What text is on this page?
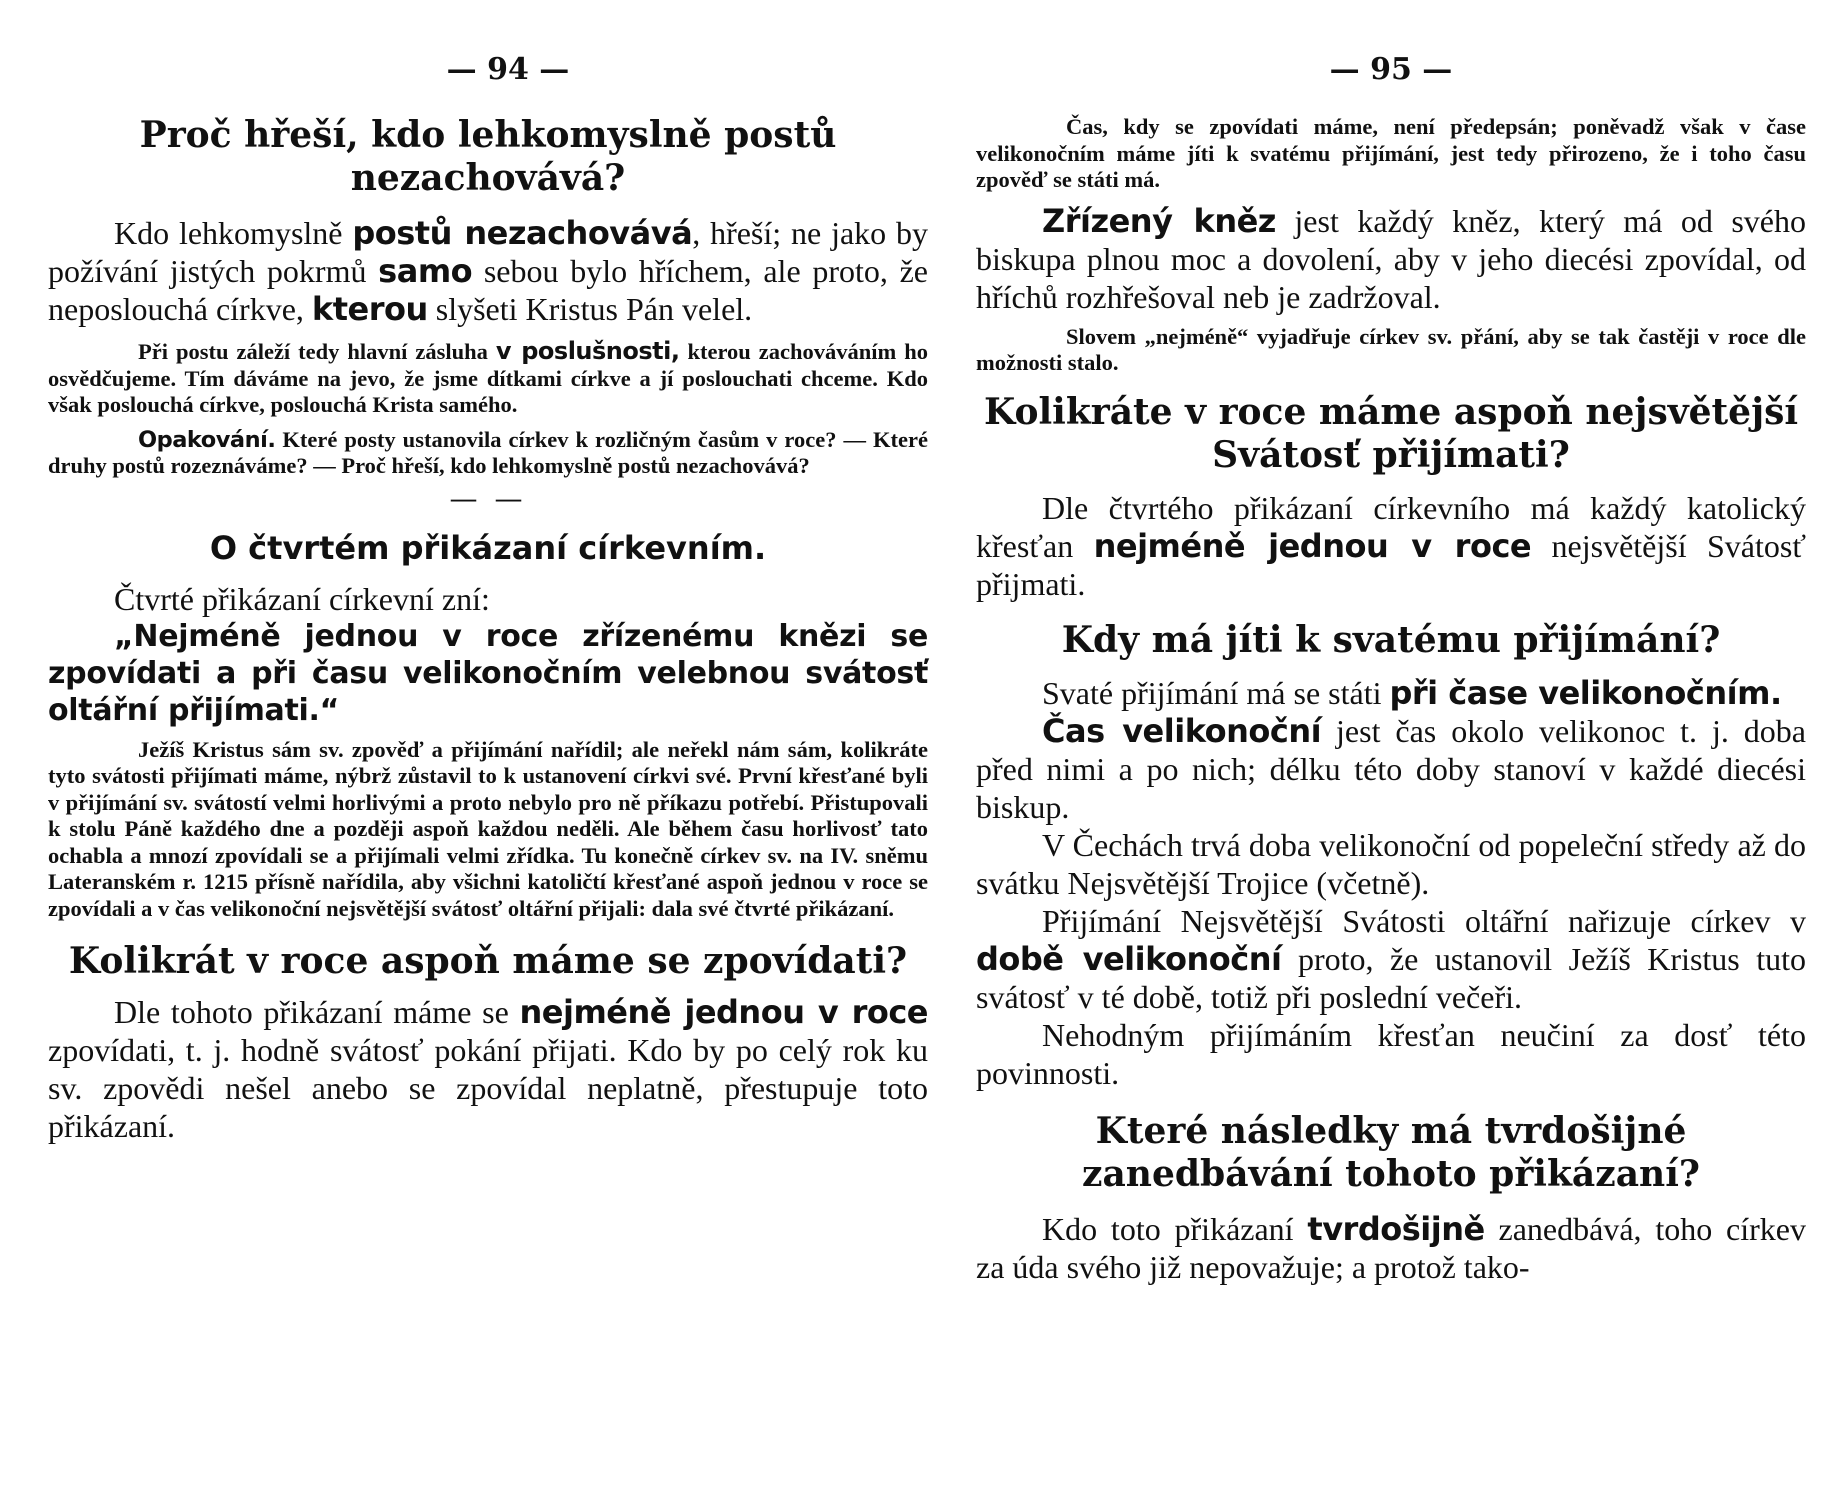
— 94 —
Proč hřeší, kdo lehkomyslně postů nezachovává?

Kdo lehkomyslně postů nezachovává, hřeší; ne jako by požívání jistých pokrmů samo sebou bylo hříchem, ale proto, že neposlouchá církve, kterou slyšeti Kristus Pán velel.

Při postu záleží tedy hlavní zásluha v poslušnosti, kterou zachováváním ho osvědčujeme. Tím dáváme na jevo, že jsme dítkami církve a jí poslouchati chceme. Kdo však poslouchá církve, poslouchá Krista samého.

Opakování. Které posty ustanovila církev k rozličným časům v roce? — Které druhy postů rozeznáváme? — Proč hřeší, kdo lehkomyslně postů nezachovává?

— —
O čtvrtém přikázaní církevním.

Čtvrté přikázaní církevní zní:

„Nejméně jednou v roce zřízenému knězi se zpovídati a při času velikonočním velebnou svátosť oltářní přijímati.“

Ježíš Kristus sám sv. zpověď a přijímání nařídil; ale neřekl nám sám, kolikráte tyto svátosti přijímati máme, nýbrž zůstavil to k ustanovení církvi své. První křesťané byli v přijímání sv. svátostí velmi horlivými a proto nebylo pro ně příkazu potřebí. Přistupovali k stolu Páně každého dne a později aspoň každou neděli. Ale během času horlivosť tato ochabla a mnozí zpovídali se a přijímali velmi zřídka. Tu konečně církev sv. na IV. sněmu Lateranském r. 1215 přísně nařídila, aby všichni katoličtí křesťané aspoň jednou v roce se zpovídali a v čas velikonoční nejsvětější svátosť oltářní přijali: dala své čtvrté přikázaní.

Kolikrát v roce aspoň máme se zpovídati?

Dle tohoto přikázaní máme se nejméně jednou v roce zpovídati, t. j. hodně svátosť pokání přijati. Kdo by po celý rok ku sv. zpovědi nešel anebo se zpovídal neplatně, přestupuje toto přikázaní.

— 95 —

Čas, kdy se zpovídati máme, není předepsán; poněvadž však v čase velikonočním máme jíti k svatému přijímání, jest tedy přirozeno, že i toho času zpověď se státi má.

Zřízený kněz jest každý kněz, který má od svého biskupa plnou moc a dovolení, aby v jeho diecési zpovídal, od hříchů rozhřešoval neb je zadržoval.

Slovem „nejméně“ vyjadřuje církev sv. přání, aby se tak častěji v roce dle možnosti stalo.

Kolikráte v roce máme aspoň nejsvětější Svátosť přijímati?

Dle čtvrtého přikázaní církevního má každý katolický křesťan nejméně jednou v roce nejsvětější Svátosť přijmati.

Kdy má jíti k svatému přijímání?

Svaté přijímání má se státi při čase velikonočním.

Čas velikonoční jest čas okolo velikonoc t. j. doba před nimi a po nich; délku této doby stanoví v každé diecési biskup.

V Čechách trvá doba velikonoční od popeleční středy až do svátku Nejsvětější Trojice (včetně).

Přijímání Nejsvětější Svátosti oltářní nařizuje církev v době velikonoční proto, že ustanovil Ježíš Kristus tuto svátosť v té době, totiž při poslední večeři.

Nehodným přijímáním křesťan neučiní za dosť této povinnosti.

Které následky má tvrdošijné zanedbávání tohoto přikázaní?

Kdo toto přikázaní tvrdošijně zanedbává, toho církev za úda svého již nepovažuje; a protož tako-
